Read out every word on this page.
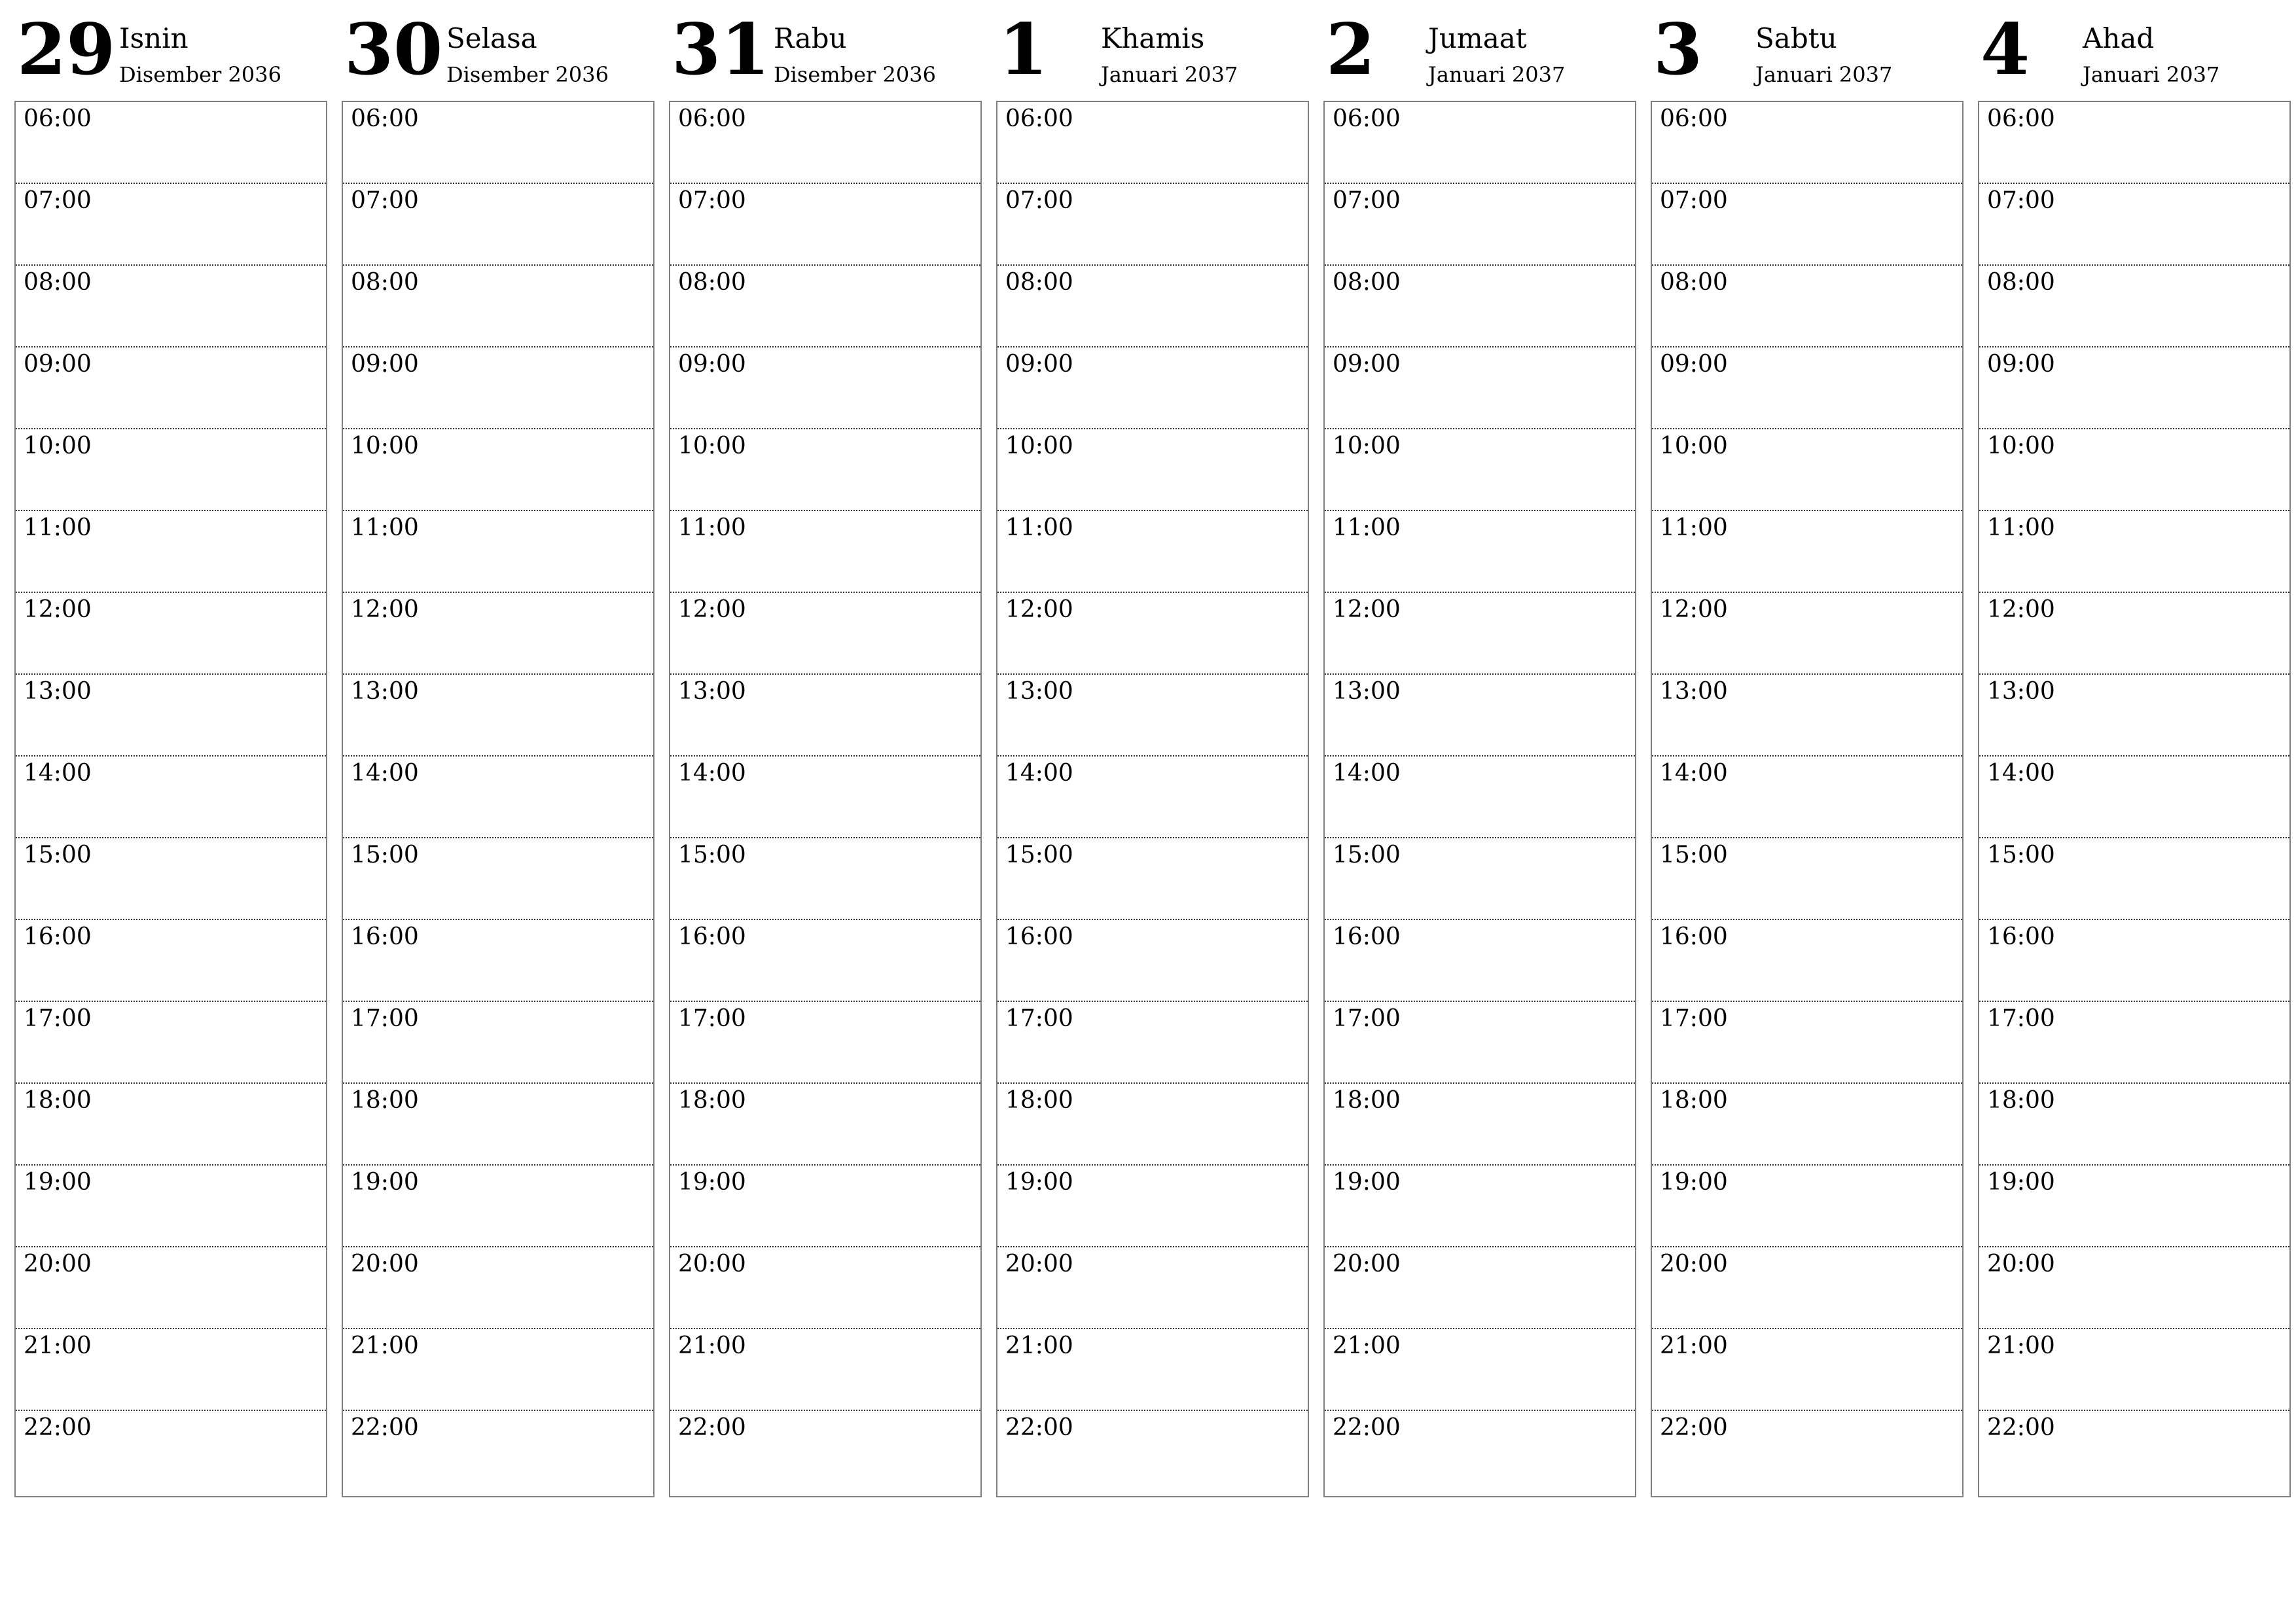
29 Isnin
Disember 2036
06:00
07:00
08:00
09:00
10:00
11:00
12:00
13:00
14:00
15:00
16:00
17:00
18:00
19:00
20:00
21:00
22:00
30 Selasa
Disember 2036
06:00
07:00
08:00
09:00
10:00
11:00
12:00
13:00
14:00
15:00
16:00
17:00
18:00
19:00
20:00
21:00
22:00
31 Rabu
Disember 2036
06:00
07:00
08:00
09:00
10:00
11:00
12:00
13:00
14:00
15:00
16:00
17:00
18:00
19:00
20:00
21:00
22:00
1 Khamis
Januari 2037
06:00
07:00
08:00
09:00
10:00
11:00
12:00
13:00
14:00
15:00
16:00
17:00
18:00
19:00
20:00
21:00
22:00
2 Jumaat
Januari 2037
06:00
07:00
08:00
09:00
10:00
11:00
12:00
13:00
14:00
15:00
16:00
17:00
18:00
19:00
20:00
21:00
22:00
3 Sabtu
Januari 2037
06:00
07:00
08:00
09:00
10:00
11:00
12:00
13:00
14:00
15:00
16:00
17:00
18:00
19:00
20:00
21:00
22:00
4 Ahad
Januari 2037
06:00
07:00
08:00
09:00
10:00
11:00
12:00
13:00
14:00
15:00
16:00
17:00
18:00
19:00
20:00
21:00
22:00
